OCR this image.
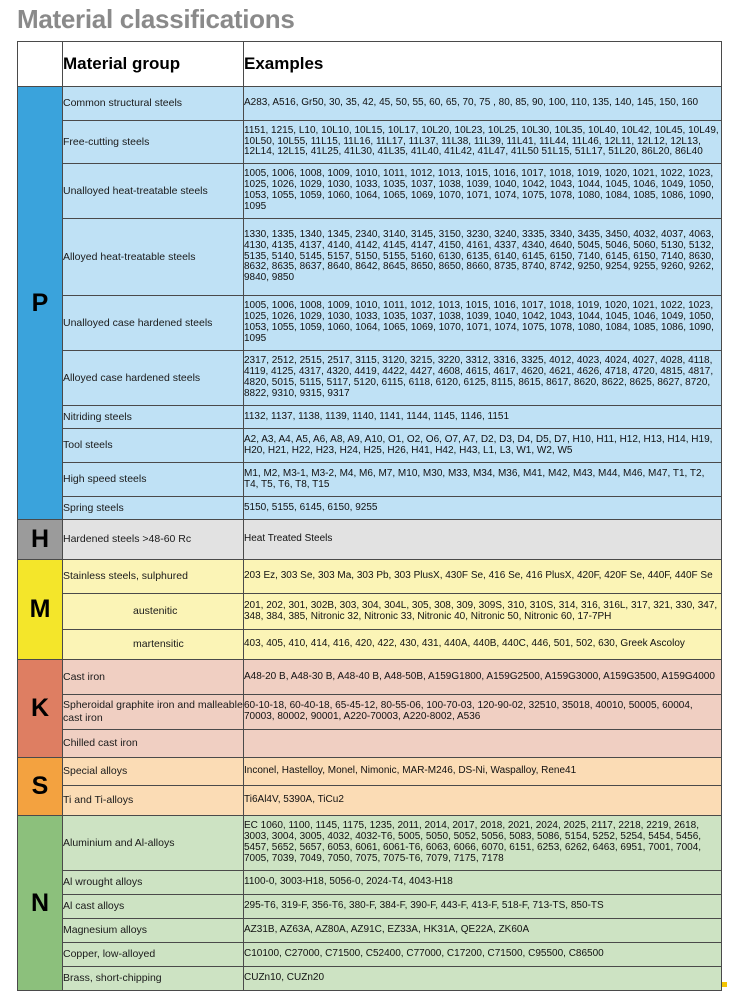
Material classifications
	Material group	Examples
P	Common structural steels	A283, A516, Gr50, 30, 35, 42, 45, 50, 55, 60, 65, 70, 75 , 80, 85, 90, 100, 110, 135, 140, 145, 150, 160
	Free-cutting steels	1151, 1215, L10, 10L10, 10L15, 10L17, 10L20, 10L23, 10L25, 10L30, 10L35, 10L40, 10L42, 10L45, 10L49, 10L50, 10L55, 11L15, 11L16, 11L17, 11L37, 11L38, 11L39, 11L41, 11L44, 11L46, 12L11, 12L12, 12L13, 12L14, 12L15, 41L25, 41L30, 41L35, 41L40, 41L42, 41L47, 41L50 51L15, 51L17, 51L20, 86L20, 86L40
	Unalloyed heat-treatable steels	1005, 1006, 1008, 1009, 1010, 1011, 1012, 1013, 1015, 1016, 1017, 1018, 1019, 1020, 1021, 1022, 1023, 1025, 1026, 1029, 1030, 1033, 1035, 1037, 1038, 1039, 1040, 1042, 1043, 1044, 1045, 1046, 1049, 1050, 1053, 1055, 1059, 1060, 1064, 1065, 1069, 1070, 1071, 1074, 1075, 1078, 1080, 1084, 1085, 1086, 1090, 1095
	Alloyed heat-treatable steels	1330, 1335, 1340, 1345, 2340, 3140, 3145, 3150, 3230, 3240, 3335, 3340, 3435, 3450, 4032, 4037, 4063, 4130, 4135, 4137, 4140, 4142, 4145, 4147, 4150, 4161, 4337, 4340, 4640, 5045, 5046, 5060, 5130, 5132, 5135, 5140, 5145, 5157, 5150, 5155, 5160, 6130, 6135, 6140, 6145, 6150, 7140, 6145, 6150, 7140, 8630, 8632, 8635, 8637, 8640, 8642, 8645, 8650, 8650, 8660, 8735, 8740, 8742, 9250, 9254, 9255, 9260, 9262, 9840, 9850
	Unalloyed case hardened steels	1005, 1006, 1008, 1009, 1010, 1011, 1012, 1013, 1015, 1016, 1017, 1018, 1019, 1020, 1021, 1022, 1023, 1025, 1026, 1029, 1030, 1033, 1035, 1037, 1038, 1039, 1040, 1042, 1043, 1044, 1045, 1046, 1049, 1050, 1053, 1055, 1059, 1060, 1064, 1065, 1069, 1070, 1071, 1074, 1075, 1078, 1080, 1084, 1085, 1086, 1090, 1095
	Alloyed case hardened steels	2317, 2512, 2515, 2517, 3115, 3120, 3215, 3220, 3312, 3316, 3325, 4012, 4023, 4024, 4027, 4028, 4118, 4119, 4125, 4317, 4320, 4419, 4422, 4427, 4608, 4615, 4617, 4620, 4621, 4626, 4718, 4720, 4815, 4817, 4820, 5015, 5115, 5117, 5120, 6115, 6118, 6120, 6125, 8115, 8615, 8617, 8620, 8622, 8625, 8627, 8720, 8822, 9310, 9315, 9317
	Nitriding steels	1132, 1137, 1138, 1139, 1140, 1141, 1144, 1145, 1146, 1151
	Tool steels	A2, A3, A4, A5, A6, A8, A9, A10, O1, O2, O6, O7, A7, D2, D3, D4, D5, D7, H10, H11, H12, H13, H14, H19, H20, H21, H22, H23, H24, H25, H26, H41, H42, H43, L1, L3, W1, W2, W5
	High speed steels	M1, M2, M3-1, M3-2, M4, M6, M7, M10, M30, M33, M34, M36, M41, M42, M43, M44, M46, M47, T1, T2, T4, T5, T6, T8, T15
	Spring steels	5150, 5155, 6145, 6150, 9255
H	Hardened steels >48-60 Rc	Heat Treated Steels
M	Stainless steels, sulphured	203 Ez, 303 Se, 303 Ma, 303 Pb, 303 PlusX, 430F Se, 416 Se, 416 PlusX, 420F, 420F Se, 440F, 440F Se
	austenitic	201, 202, 301, 302B, 303, 304, 304L, 305, 308, 309, 309S, 310, 310S, 314, 316, 316L, 317, 321, 330, 347, 348, 384, 385, Nitronic 32, Nitronic 33, Nitronic 40, Nitronic 50, Nitronic 60, 17-7PH
	martensitic	403, 405, 410, 414, 416, 420, 422, 430, 431, 440A, 440B, 440C, 446, 501, 502, 630, Greek Ascoloy
K	Cast iron	A48-20 B, A48-30 B, A48-40 B, A48-50B, A159G1800, A159G2500, A159G3000, A159G3500, A159G4000
	Spheroidal graphite iron and malleable cast iron	60-10-18, 60-40-18, 65-45-12, 80-55-06, 100-70-03, 120-90-02, 32510, 35018, 40010, 50005, 60004, 70003, 80002, 90001, A220-70003, A220-8002, A536
	Chilled cast iron	
S	Special alloys	Inconel, Hastelloy, Monel, Nimonic, MAR-M246, DS-Ni, Waspalloy, Rene41
	Ti and Ti-alloys	Ti6Al4V, 5390A, TiCu2
N	Aluminium and Al-alloys	EC 1060, 1100, 1145, 1175, 1235, 2011, 2014, 2017, 2018, 2021, 2024, 2025, 2117, 2218, 2219, 2618, 3003, 3004, 3005, 4032, 4032-T6, 5005, 5050, 5052, 5056, 5083, 5086, 5154, 5252, 5254, 5454, 5456, 5457, 5652, 5657, 6053, 6061, 6061-T6, 6063, 6066, 6070, 6151, 6253, 6262, 6463, 6951, 7001, 7004, 7005, 7039, 7049, 7050, 7075, 7075-T6, 7079, 7175, 7178
	Al wrought alloys	1100-0, 3003-H18, 5056-0, 2024-T4, 4043-H18
	Al cast alloys	295-T6, 319-F, 356-T6, 380-F, 384-F, 390-F, 443-F, 413-F, 518-F, 713-TS, 850-TS
	Magnesium alloys	AZ31B, AZ63A, AZ80A, AZ91C, EZ33A, HK31A, QE22A, ZK60A
	Copper, low-alloyed	C10100, C27000, C71500, C52400, C77000, C17200, C71500, C95500, C86500
	Brass, short-chipping	CUZn10, CUZn20
